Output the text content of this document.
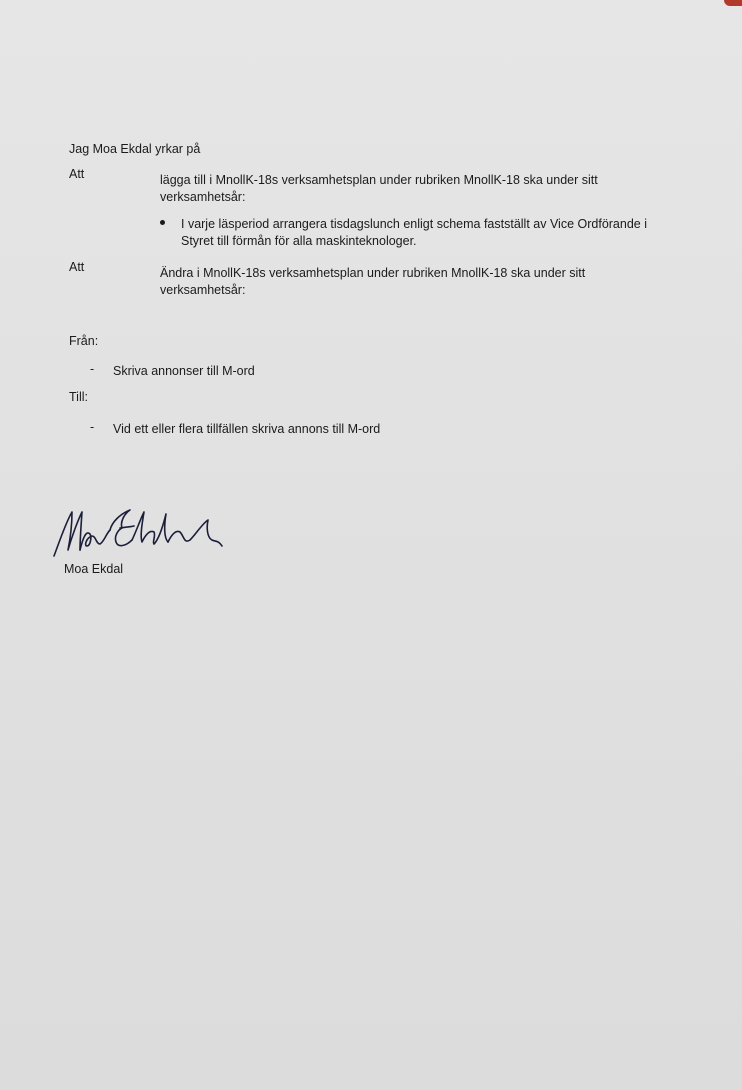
Jag Moa Ekdal yrkar på
Att	lägga till i MnollK-18s verksamhetsplan under rubriken MnollK-18 ska under sitt verksamhetsår:
I varje läsperiod arrangera tisdagslunch enligt schema fastställt av Vice Ordförande i Styret till förmån för alla maskinteknologer.
Att	Ändra i MnollK-18s verksamhetsplan under rubriken MnollK-18 ska under sitt verksamhetsår:
Från:
- Skriva annonser till M-ord
Till:
- Vid ett eller flera tillfällen skriva annons till M-ord
Moa Ekdal
